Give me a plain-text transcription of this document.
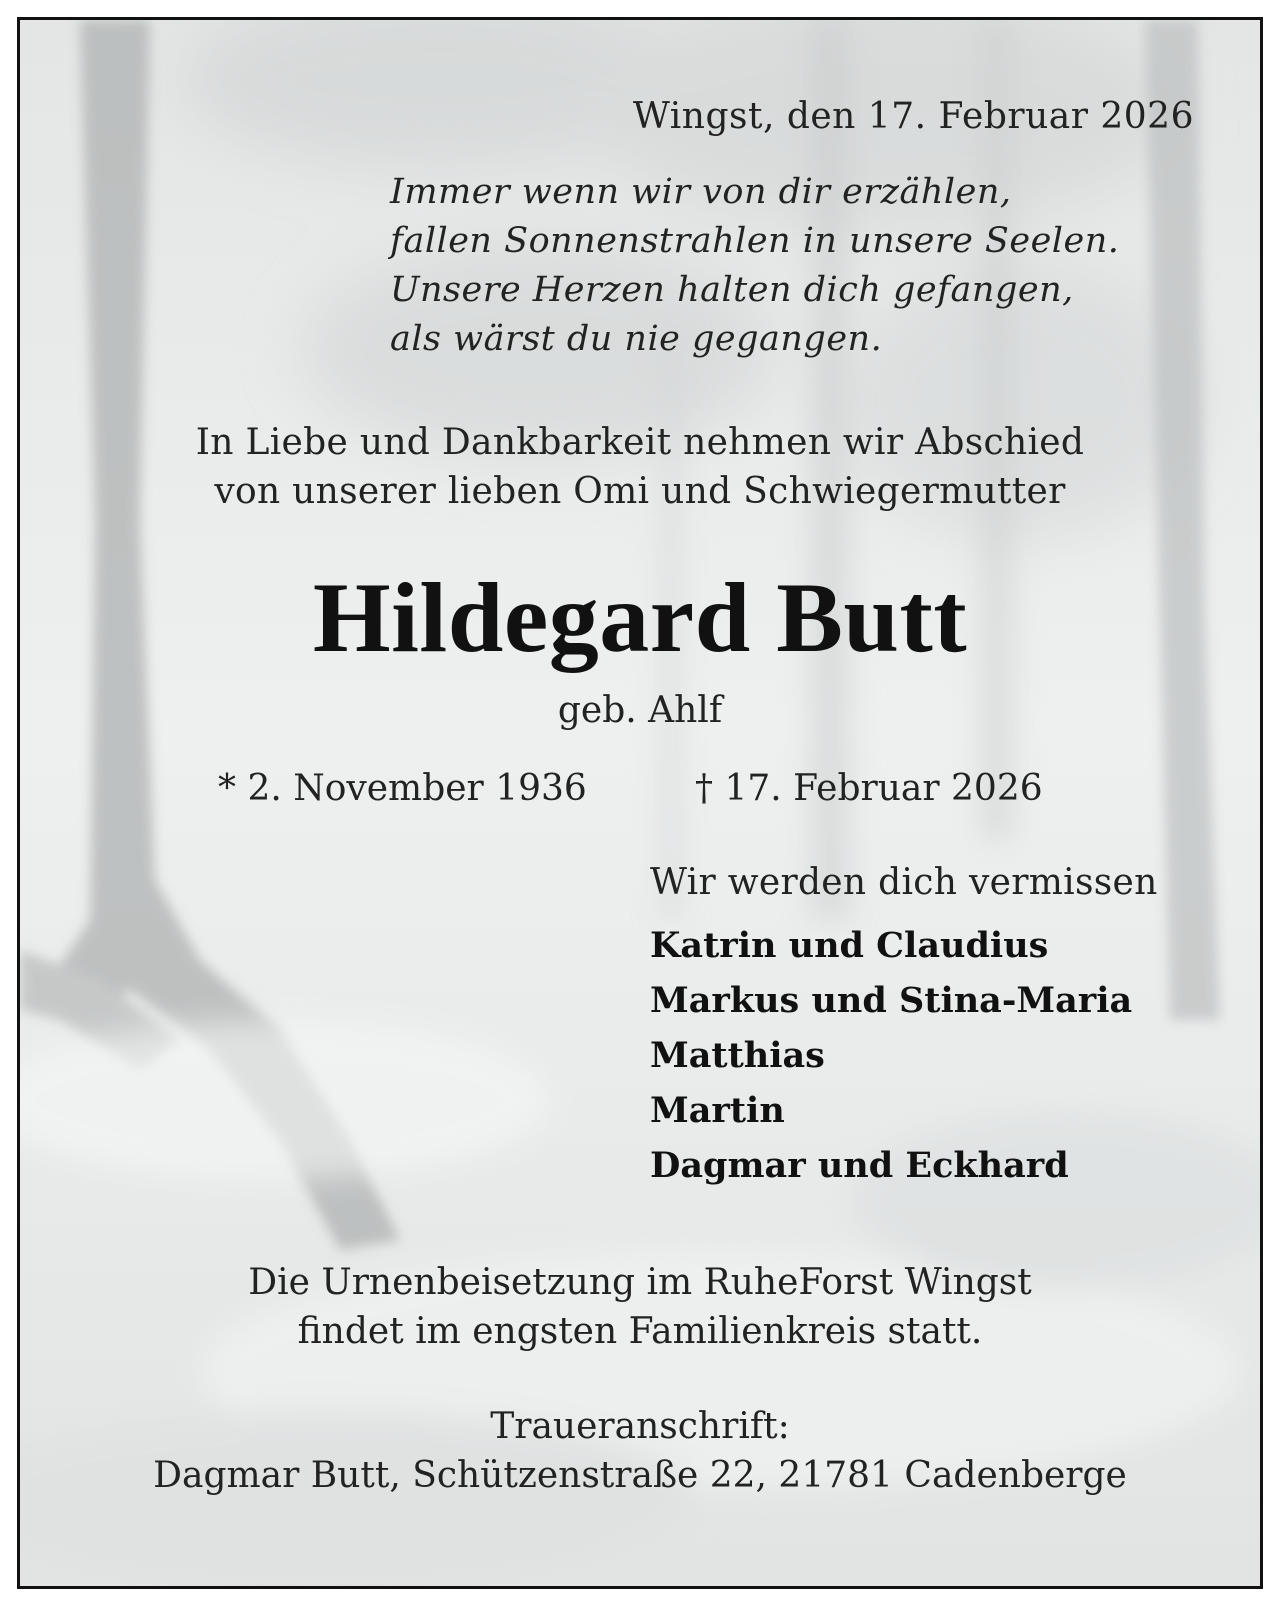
Wingst, den 17. Februar 2026
Immer wenn wir von dir erzählen,
fallen Sonnenstrahlen in unsere Seelen.
Unsere Herzen halten dich gefangen,
als wärst du nie gegangen.
In Liebe und Dankbarkeit nehmen wir Abschied
von unserer lieben Omi und Schwiegermutter
Hildegard Butt
geb. Ahlf
* 2. November 1936	† 17. Februar 2026
Wir werden dich vermissen
Katrin und Claudius
Markus und Stina-Maria
Matthias
Martin
Dagmar und Eckhard
Die Urnenbeisetzung im RuheForst Wingst
findet im engsten Familienkreis statt.
Traueranschrift:
Dagmar Butt, Schützenstraße 22, 21781 Cadenberge
